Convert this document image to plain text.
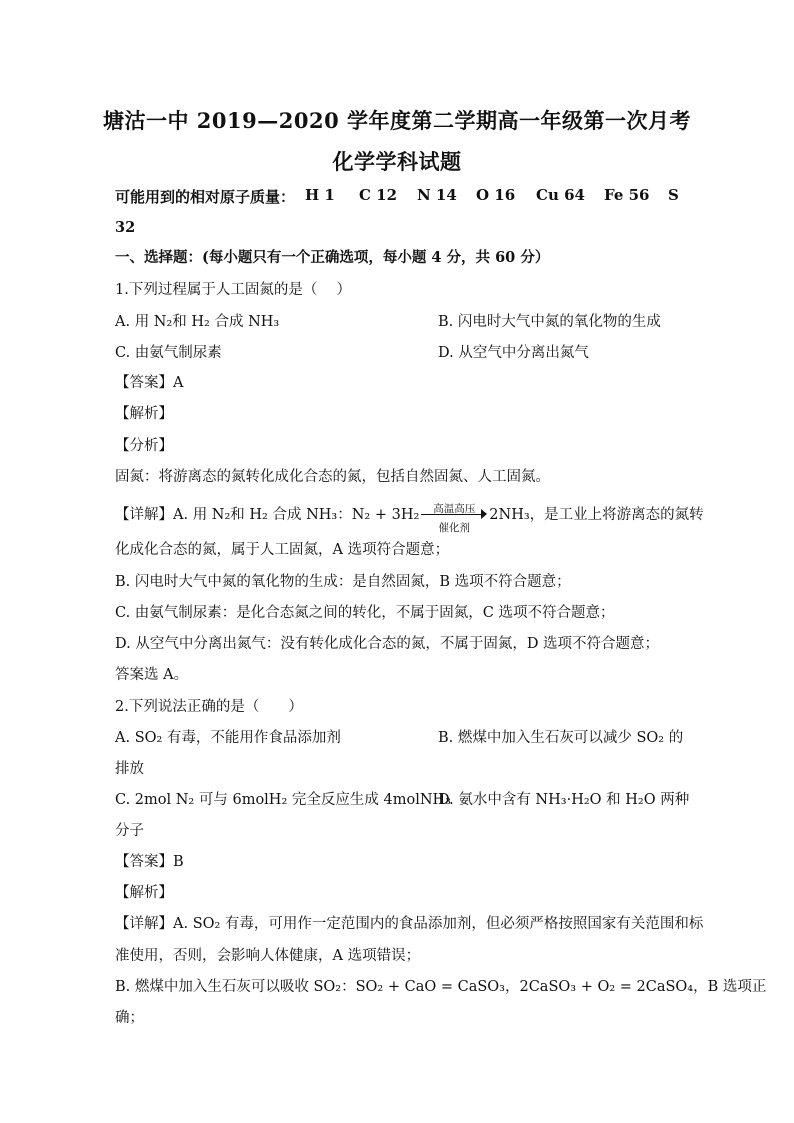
塘沽一中 2019—2020 学年度第二学期高一年级第一次月考
化学学科试题
可能用到的相对原子质量： H 1 C 12 N 14 O 16 Cu 64 Fe 56 S
32
一、选择题：(每小题只有一个正确选项，每小题 4 分，共 60 分）
1.下列过程属于人工固氮的是（　 ）
A. 用 N₂和 H₂ 合成 NH₃	B. 闪电时大气中氮的氧化物的生成
C. 由氨气制尿素	D. 从空气中分离出氮气
【答案】A
【解析】
【分析】
固氮：将游离态的氮转化成化合态的氮，包括自然固氮、人工固氮。
【详解】A. 用 N₂和 H₂ 合成 NH₃：N₂ + 3H₂	高温高压
催化剂
2NH₃，是工业上将游离态的氮转
化成化合态的氮，属于人工固氮，A 选项符合题意；
B. 闪电时大气中氮的氧化物的生成：是自然固氮，B 选项不符合题意；
C. 由氨气制尿素：是化合态氮之间的转化，不属于固氮，C 选项不符合题意；
D. 从空气中分离出氮气：没有转化成化合态的氮，不属于固氮，D 选项不符合题意；
答案选 A。
2.下列说法正确的是（　　）
A. SO₂ 有毒，不能用作食品添加剂	B. 燃煤中加入生石灰可以减少 SO₂ 的
排放
C. 2mol N₂ 可与 6molH₂ 完全反应生成 4molNH₃
D. 氨水中含有 NH₃·H₂O 和 H₂O 两种
分子
【答案】B
【解析】
【详解】A. SO₂ 有毒，可用作一定范围内的食品添加剂，但必须严格按照国家有关范围和标
准使用，否则，会影响人体健康，A 选项错误；
B. 燃煤中加入生石灰可以吸收 SO₂：SO₂ + CaO = CaSO₃，2CaSO₃ + O₂ = 2CaSO₄，B 选项正
确；
